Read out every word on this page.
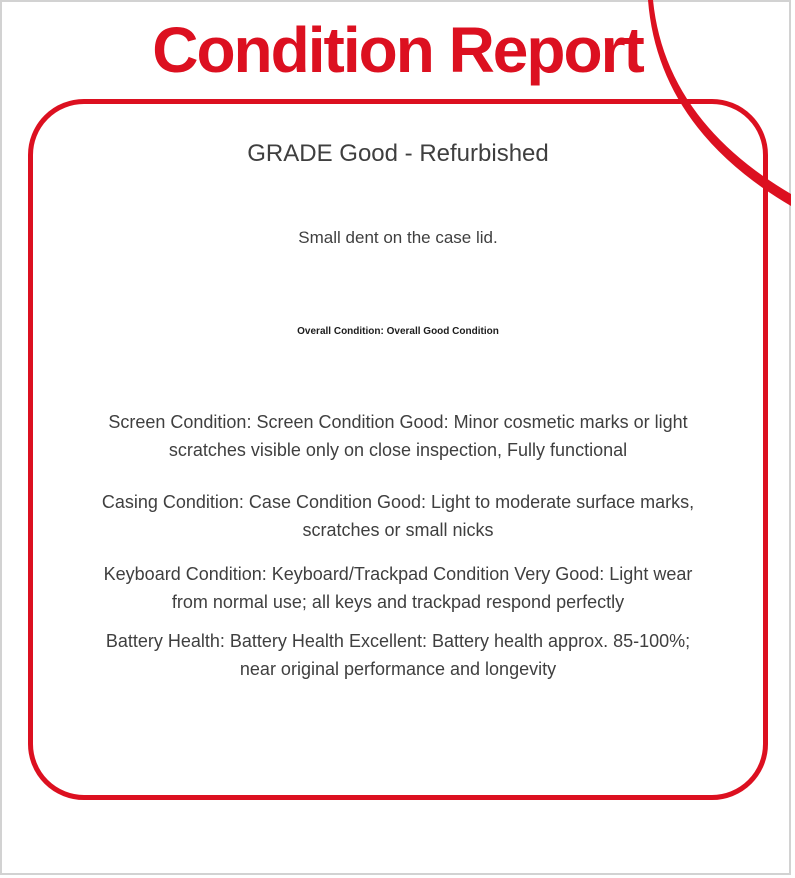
Condition Report
GRADE Good - Refurbished
Small dent on the case lid.
Overall Condition: Overall Good Condition
Screen Condition: Screen Condition Good: Minor cosmetic marks or light
scratches visible only on close inspection, Fully functional
Casing Condition: Case Condition Good: Light to moderate surface marks,
scratches or small nicks
Keyboard Condition: Keyboard/Trackpad Condition Very Good: Light wear
from normal use; all keys and trackpad respond perfectly
Battery Health: Battery Health Excellent: Battery health approx. 85-100%;
near original performance and longevity
